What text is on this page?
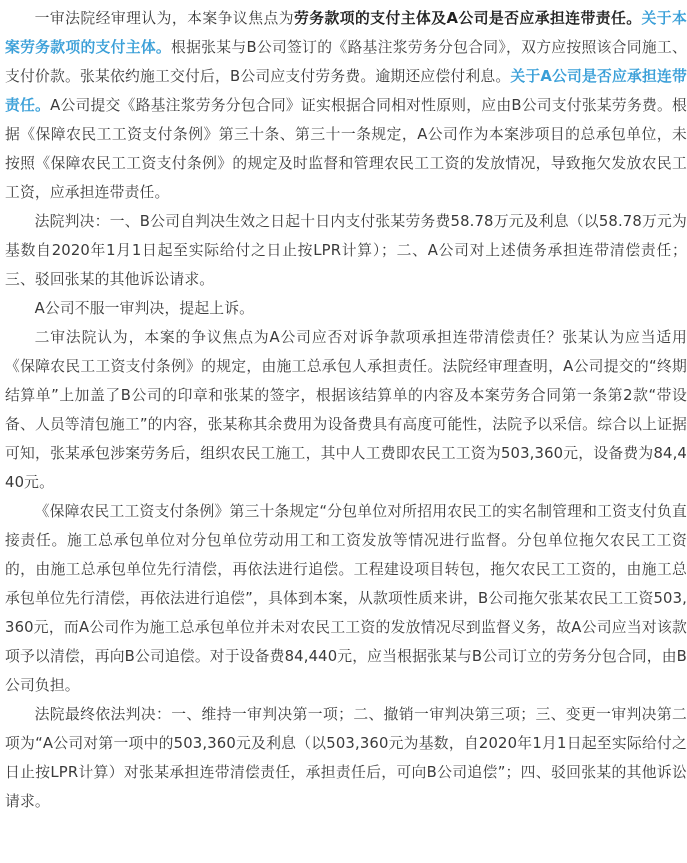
一审法院经审理认为，本案争议焦点为劳务款项的支付主体及A公司是否应承担连带责任。关于本案劳务款项的支付主体。根据张某与B公司签订的《路基注浆劳务分包合同》，双方应按照该合同施工、支付价款。张某依约施工交付后，B公司应支付劳务费。逾期还应偿付利息。关于A公司是否应承担连带责任。A公司提交《路基注浆劳务分包合同》证实根据合同相对性原则，应由B公司支付张某劳务费。根据《保障农民工工资支付条例》第三十条、第三十一条规定，A公司作为本案涉项目的总承包单位，未按照《保障农民工工资支付条例》的规定及时监督和管理农民工工资的发放情况，导致拖欠发放农民工工资，应承担连带责任。

法院判决：一、B公司自判决生效之日起十日内支付张某劳务费58.78万元及利息（以58.78万元为基数自2020年1月1日起至实际给付之日止按LPR计算）；二、A公司对上述债务承担连带清偿责任；三、驳回张某的其他诉讼请求。

A公司不服一审判决，提起上诉。

二审法院认为，本案的争议焦点为A公司应否对诉争款项承担连带清偿责任？张某认为应当适用《保障农民工工资支付条例》的规定，由施工总承包人承担责任。法院经审理查明，A公司提交的“终期结算单”上加盖了B公司的印章和张某的签字，根据该结算单的内容及本案劳务合同第一条第2款“带设备、人员等清包施工”的内容，张某称其余费用为设备费具有高度可能性，法院予以采信。综合以上证据可知，张某承包涉案劳务后，组织农民工施工，其中人工费即农民工工资为503,360元，设备费为84,440元。

《保障农民工工资支付条例》第三十条规定“分包单位对所招用农民工的实名制管理和工资支付负直接责任。施工总承包单位对分包单位劳动用工和工资发放等情况进行监督。分包单位拖欠农民工工资的，由施工总承包单位先行清偿，再依法进行追偿。工程建设项目转包，拖欠农民工工资的，由施工总承包单位先行清偿，再依法进行追偿”，具体到本案，从款项性质来讲，B公司拖欠张某农民工工资503,360元，而A公司作为施工总承包单位并未对农民工工资的发放情况尽到监督义务，故A公司应当对该款项予以清偿，再向B公司追偿。对于设备费84,440元，应当根据张某与B公司订立的劳务分包合同，由B公司负担。

法院最终依法判决：一、维持一审判决第一项；二、撤销一审判决第三项；三、变更一审判决第二项为“A公司对第一项中的503,360元及利息（以503,360元为基数，自2020年1月1日起至实际给付之日止按LPR计算）对张某承担连带清偿责任，承担责任后，可向B公司追偿”；四、驳回张某的其他诉讼请求。
